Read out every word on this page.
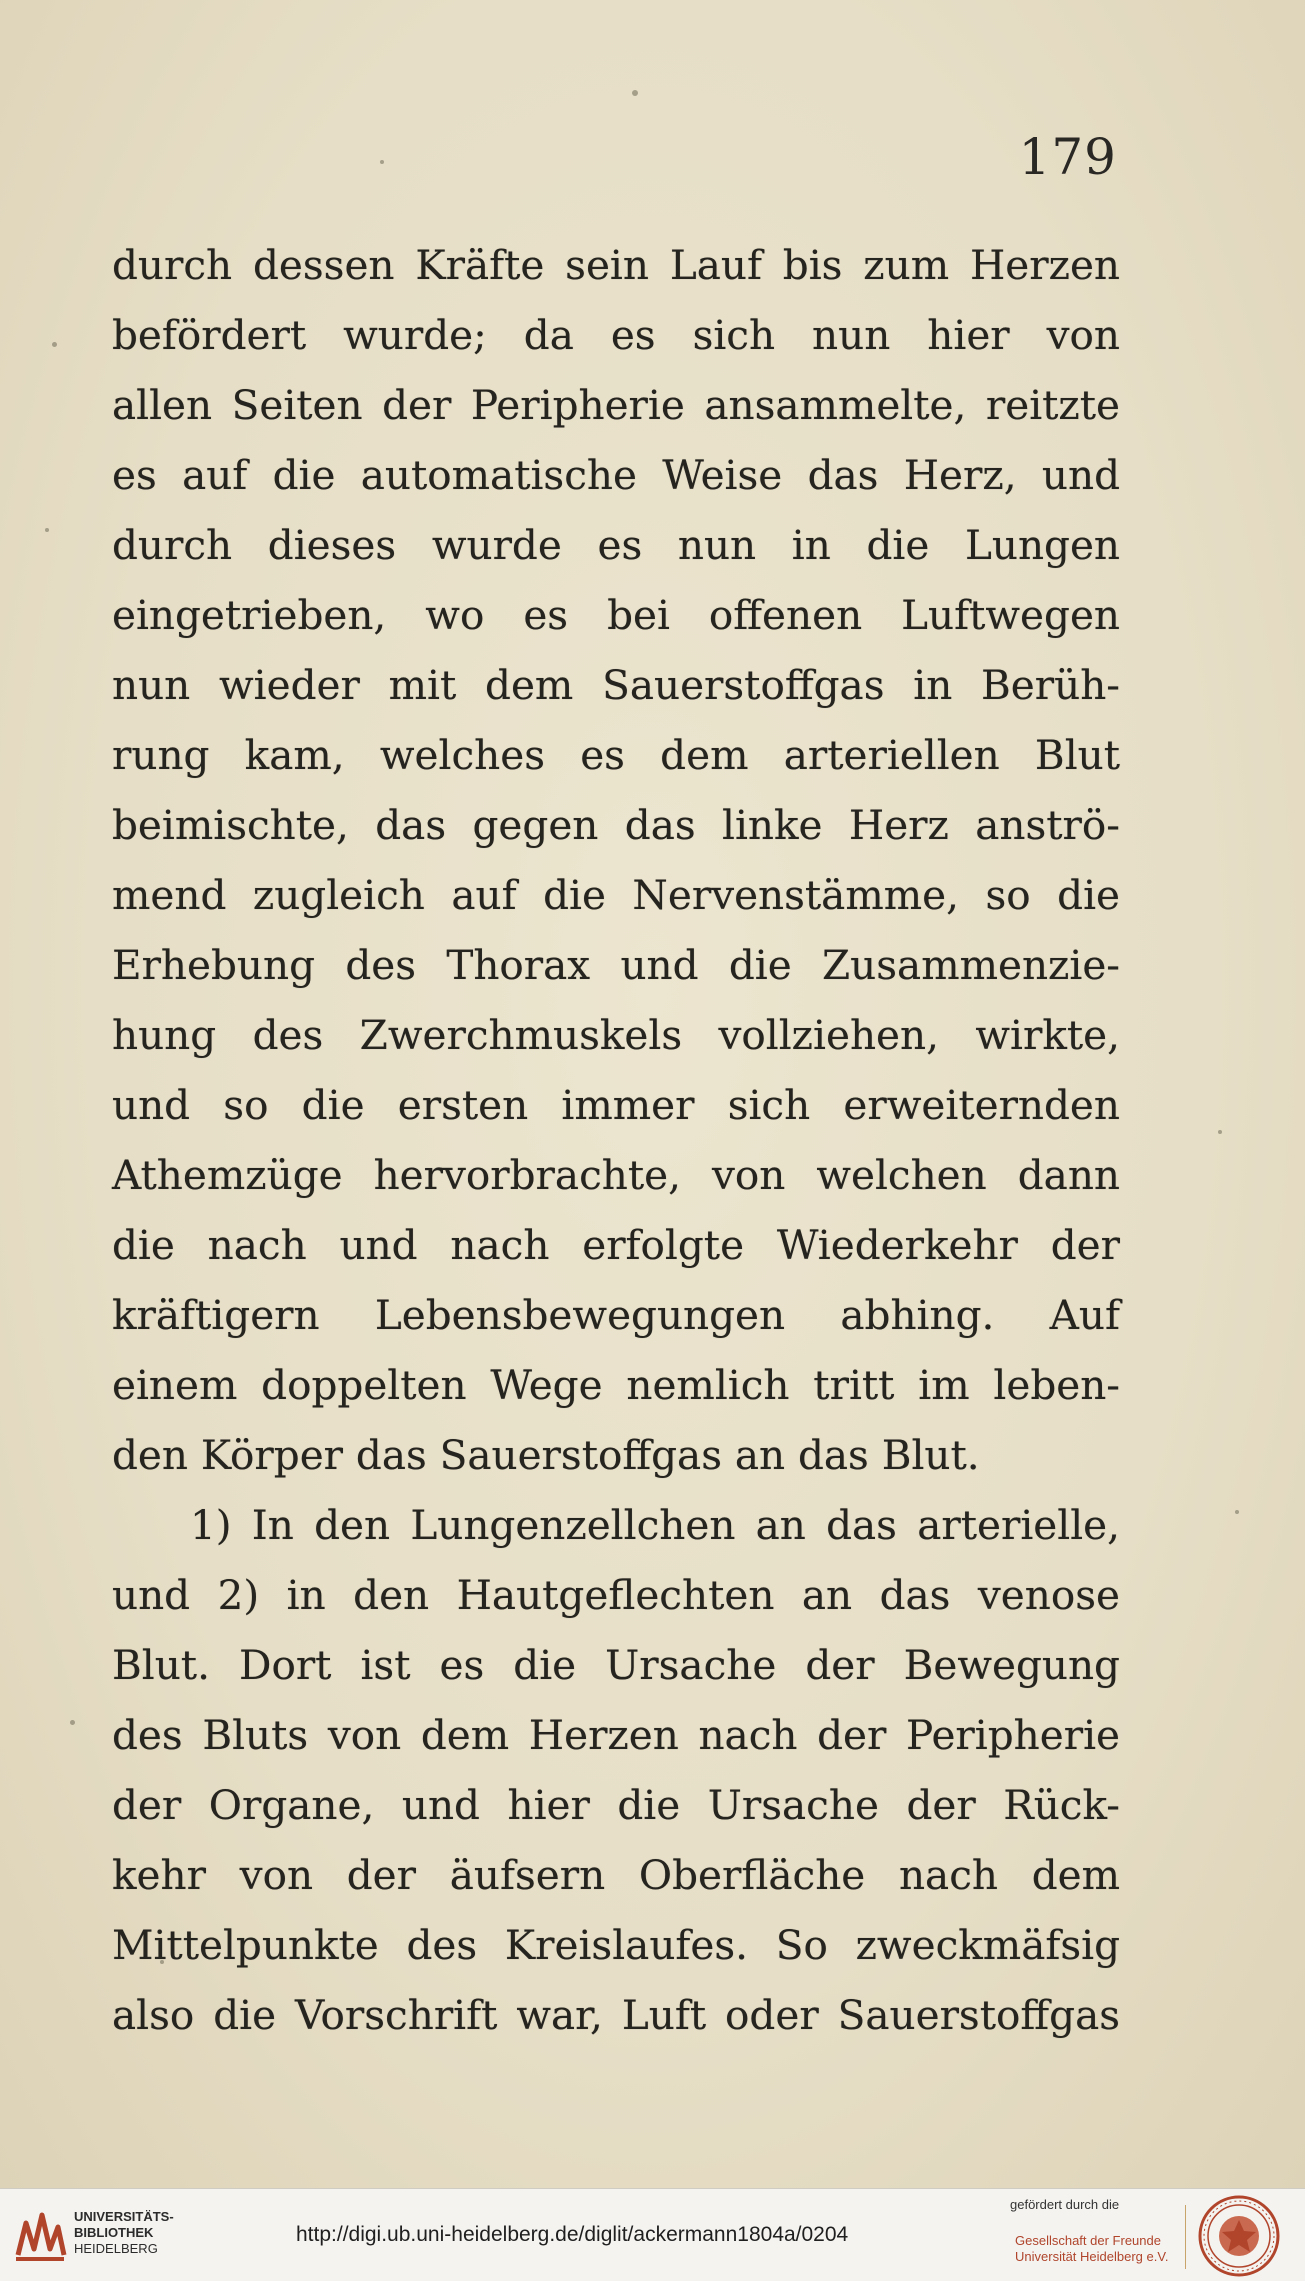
179
durch dessen Kräfte sein Lauf bis zum Herzen
befördert wurde; da es sich nun hier von
allen Seiten der Peripherie ansammelte, reitzte
es auf die automatische Weise das Herz, und
durch dieses wurde es nun in die Lungen
eingetrieben, wo es bei offenen Luftwegen
nun wieder mit dem Sauerstoffgas in Berüh-
rung kam, welches es dem arteriellen Blut
beimischte, das gegen das linke Herz anströ-
mend zugleich auf die Nervenstämme, so die
Erhebung des Thorax und die Zusammenzie-
hung des Zwerchmuskels vollziehen, wirkte,
und so die ersten immer sich erweiternden
Athemzüge hervorbrachte, von welchen dann
die nach und nach erfolgte Wiederkehr der
kräftigern Lebensbewegungen abhing. Auf
einem doppelten Wege nemlich tritt im leben-
den Körper das Sauerstoffgas an das Blut.
1) In den Lungenzellchen an das arterielle,
und 2) in den Hautgeflechten an das venose
Blut. Dort ist es die Ursache der Bewegung
des Bluts von dem Herzen nach der Peripherie
der Organe, und hier die Ursache der Rück-
kehr von der äufsern Oberfläche nach dem
Mittelpunkte des Kreislaufes. So zweckmäfsig
also die Vorschrift war, Luft oder Sauerstoffgas
UNIVERSITÄTS-
BIBLIOTHEK
HEIDELBERG
http://digi.ub.uni-heidelberg.de/diglit/ackermann1804a/0204
gefördert durch die
Gesellschaft der Freunde
Universität Heidelberg e.V.
